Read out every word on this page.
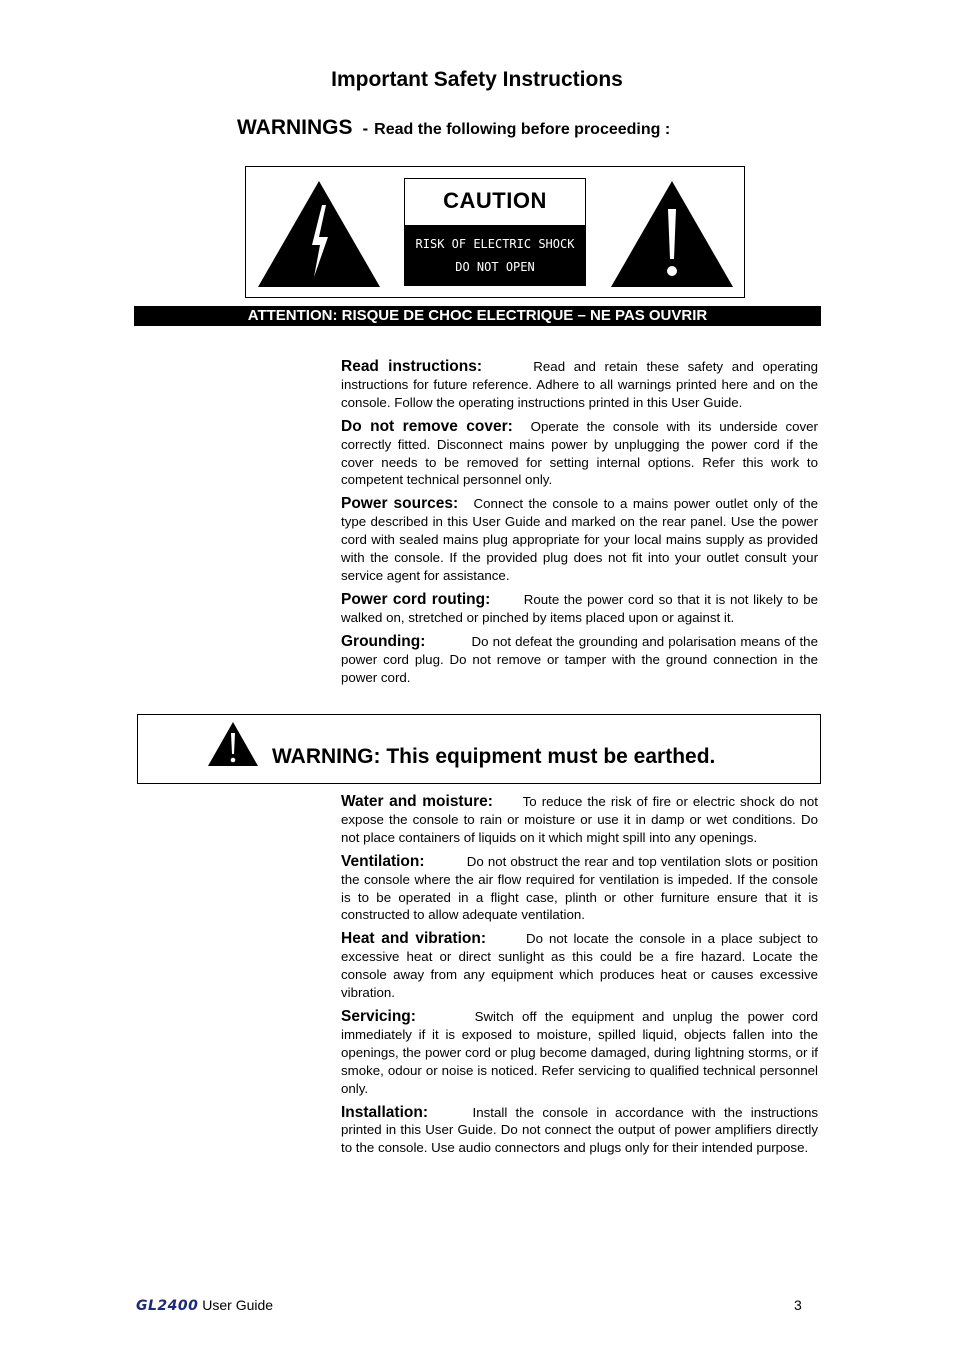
Important Safety Instructions
WARNINGS - Read the following before proceeding :
CAUTION
RISK OF ELECTRIC SHOCK
DO NOT OPEN
ATTENTION: RISQUE DE CHOC ELECTRIQUE – NE PAS OUVRIR
Read instructions:	Read and retain these safety and operating instructions for future reference. Adhere to all warnings printed here and on the console. Follow the operating instructions printed in this User Guide.
Do not remove cover: Operate the console with its underside cover correctly fitted. Disconnect mains power by unplugging the power cord if the cover needs to be removed for setting internal options. Refer this work to competent technical personnel only.
Power sources: Connect the console to a mains power outlet only of the type described in this User Guide and marked on the rear panel. Use the power cord with sealed mains plug appropriate for your local mains supply as provided with the console. If the provided plug does not fit into your outlet consult your service agent for assistance.
Power cord routing:	Route the power cord so that it is not likely to be walked on, stretched or pinched by items placed upon or against it.
Grounding:	Do not defeat the grounding and polarisation means of the power cord plug. Do not remove or tamper with the ground connection in the power cord.
WARNING: This equipment must be earthed.
Water and moisture: To reduce the risk of fire or electric shock do not expose the console to rain or moisture or use it in damp or wet conditions. Do not place containers of liquids on it which might spill into any openings.
Ventilation:	Do not obstruct the rear and top ventilation slots or position the console where the air flow required for ventilation is impeded. If the console is to be operated in a flight case, plinth or other furniture ensure that it is constructed to allow adequate ventilation.
Heat and vibration:	Do not locate the console in a place subject to excessive heat or direct sunlight as this could be a fire hazard. Locate the console away from any equipment which produces heat or causes excessive vibration.
Servicing:	Switch off the equipment and unplug the power cord immediately if it is exposed to moisture, spilled liquid, objects fallen into the openings, the power cord or plug become damaged, during lightning storms, or if smoke, odour or noise is noticed. Refer servicing to qualified technical personnel only.
Installation:	Install the console in accordance with the instructions printed in this User Guide. Do not connect the output of power amplifiers directly to the console. Use audio connectors and plugs only for their intended purpose.
GL2400 User Guide	3
